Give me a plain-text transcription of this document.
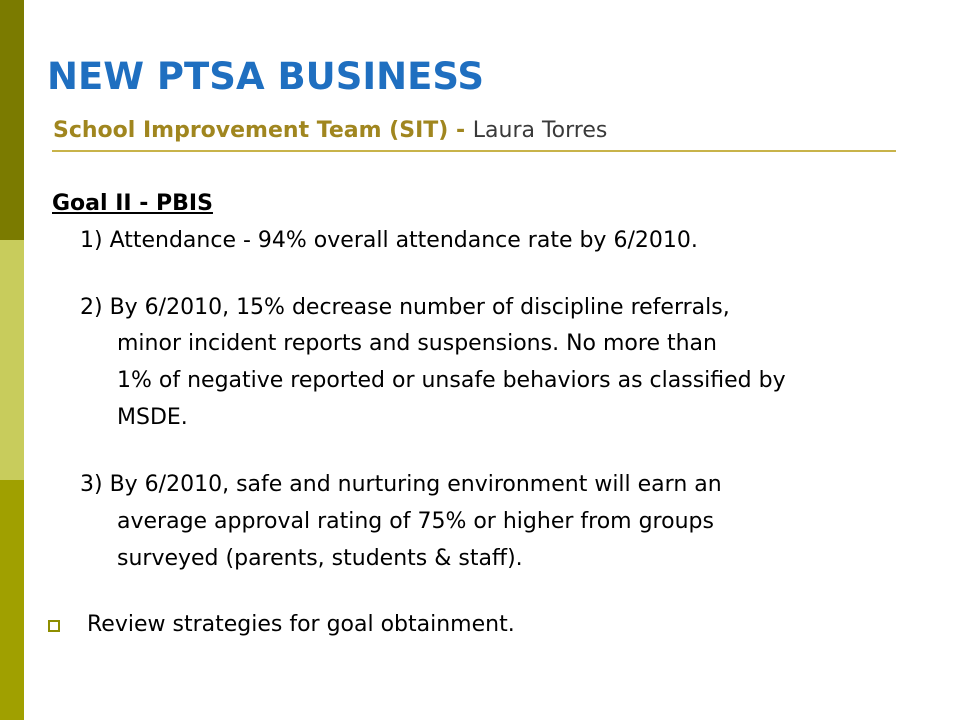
NEW PTSA BUSINESS
School Improvement Team (SIT) - Laura Torres
Goal II - PBIS
1) Attendance - 94% overall attendance rate by 6/2010.
2) By 6/2010, 15% decrease number of discipline referrals,
minor incident reports and suspensions. No more than
1% of negative reported or unsafe behaviors as classified by
MSDE.
3) By 6/2010, safe and nurturing environment will earn an
average approval rating of 75% or higher from groups
surveyed (parents, students & staff).
Review strategies for goal obtainment.
